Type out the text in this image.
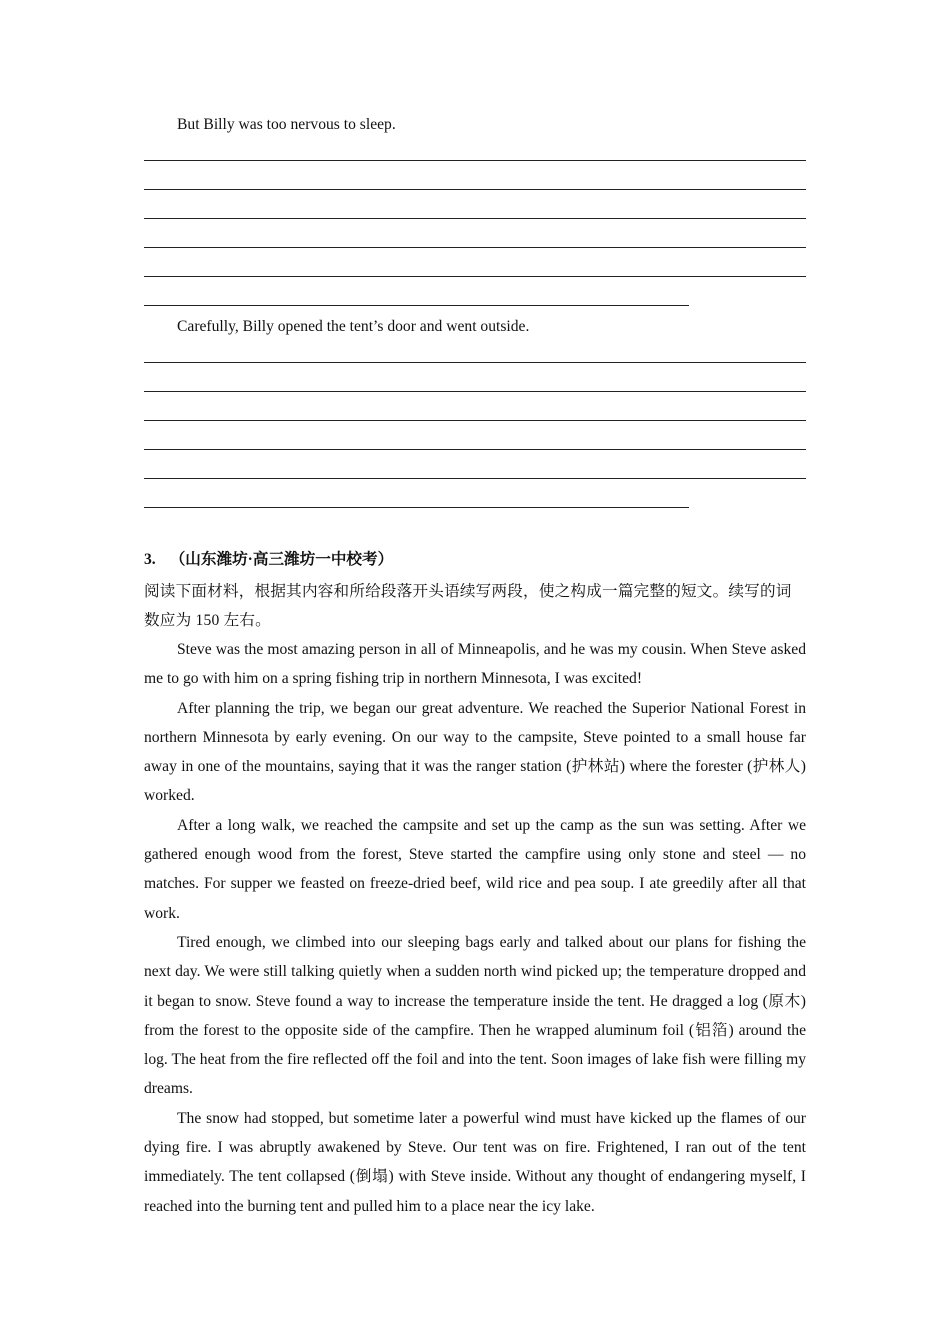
But Billy was too nervous to sleep.
Carefully, Billy opened the tent’s door and went outside.
3. （山东潍坊·高三潍坊一中校考）

阅读下面材料，根据其内容和所给段落开头语续写两段，使之构成一篇完整的短文。续写的词数应为 150 左右。

Steve was the most amazing person in all of Minneapolis, and he was my cousin. When Steve asked me to go with him on a spring fishing trip in northern Minnesota, I was excited!

After planning the trip, we began our great adventure. We reached the Superior National Forest in northern Minnesota by early evening. On our way to the campsite, Steve pointed to a small house far away in one of the mountains, saying that it was the ranger station (护林站) where the forester (护林人) worked.

After a long walk, we reached the campsite and set up the camp as the sun was setting. After we gathered enough wood from the forest, Steve started the campfire using only stone and steel — no matches. For supper we feasted on freeze-dried beef, wild rice and pea soup. I ate greedily after all that work.

Tired enough, we climbed into our sleeping bags early and talked about our plans for fishing the next day. We were still talking quietly when a sudden north wind picked up; the temperature dropped and it began to snow. Steve found a way to increase the temperature inside the tent. He dragged a log (原木) from the forest to the opposite side of the campfire. Then he wrapped aluminum foil (铝箔) around the log. The heat from the fire reflected off the foil and into the tent. Soon images of lake fish were filling my dreams.

The snow had stopped, but sometime later a powerful wind must have kicked up the flames of our dying fire. I was abruptly awakened by Steve. Our tent was on fire. Frightened, I ran out of the tent immediately. The tent collapsed (倒塌) with Steve inside. Without any thought of endangering myself, I reached into the burning tent and pulled him to a place near the icy lake.
